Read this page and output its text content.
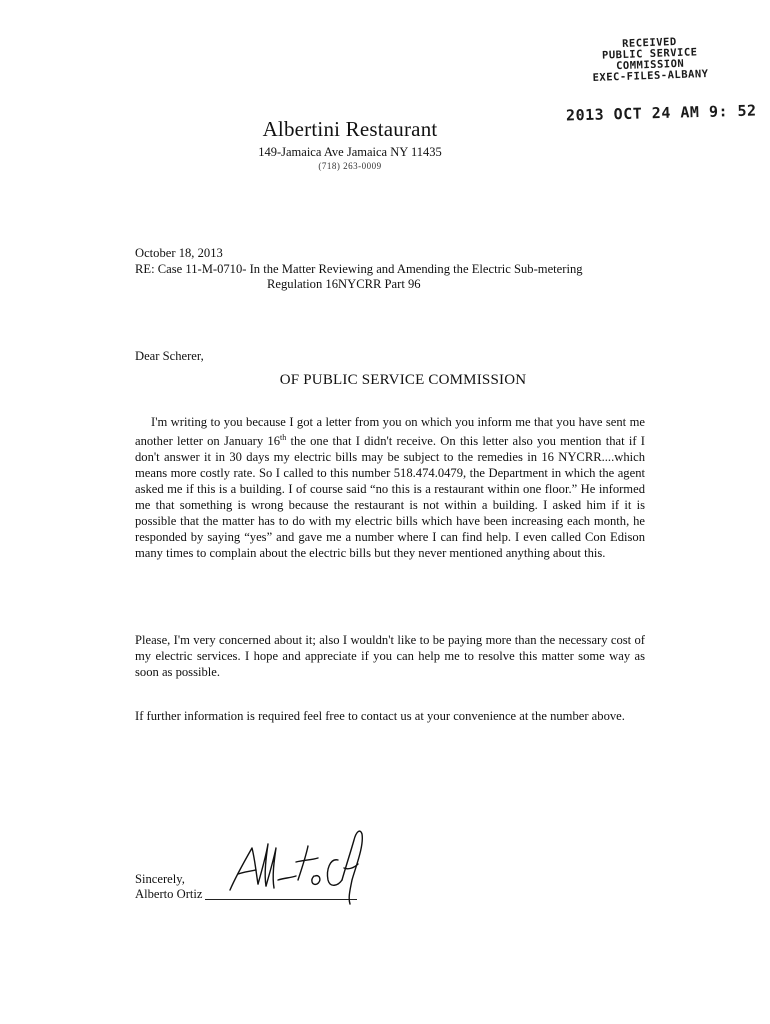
RECEIVED
PUBLIC SERVICE
COMMISSION
EXEC-FILES-ALBANY
2013 OCT 24 AM 9: 52
Albertini Restaurant
149-Jamaica Ave Jamaica NY 11435
(718) 263-0009
October 18, 2013
RE: Case 11-M-0710- In the Matter Reviewing and Amending the Electric Sub-metering
Regulation 16NYCRR Part 96
Dear Scherer,
OF PUBLIC SERVICE COMMISSION

I'm writing to you because I got a letter from you on which you inform me that you have sent me another letter on January 16th the one that I didn't receive. On this letter also you mention that if I don't answer it in 30 days my electric bills may be subject to the remedies in 16 NYCRR....which means more costly rate. So I called to this number 518.474.0479, the Department in which the agent asked me if this is a building. I of course said “no this is a restaurant within one floor.” He informed me that something is wrong because the restaurant is not within a building. I asked him if it is possible that the matter has to do with my electric bills which have been increasing each month, he responded by saying “yes” and gave me a number where I can find help. I even called Con Edison many times to complain about the electric bills but they never mentioned anything about this.

Please, I'm very concerned about it; also I wouldn't like to be paying more than the necessary cost of my electric services. I hope and appreciate if you can help me to resolve this matter some way as soon as possible.

If further information is required feel free to contact us at your convenience at the number above.

Sincerely,
Alberto Ortiz
